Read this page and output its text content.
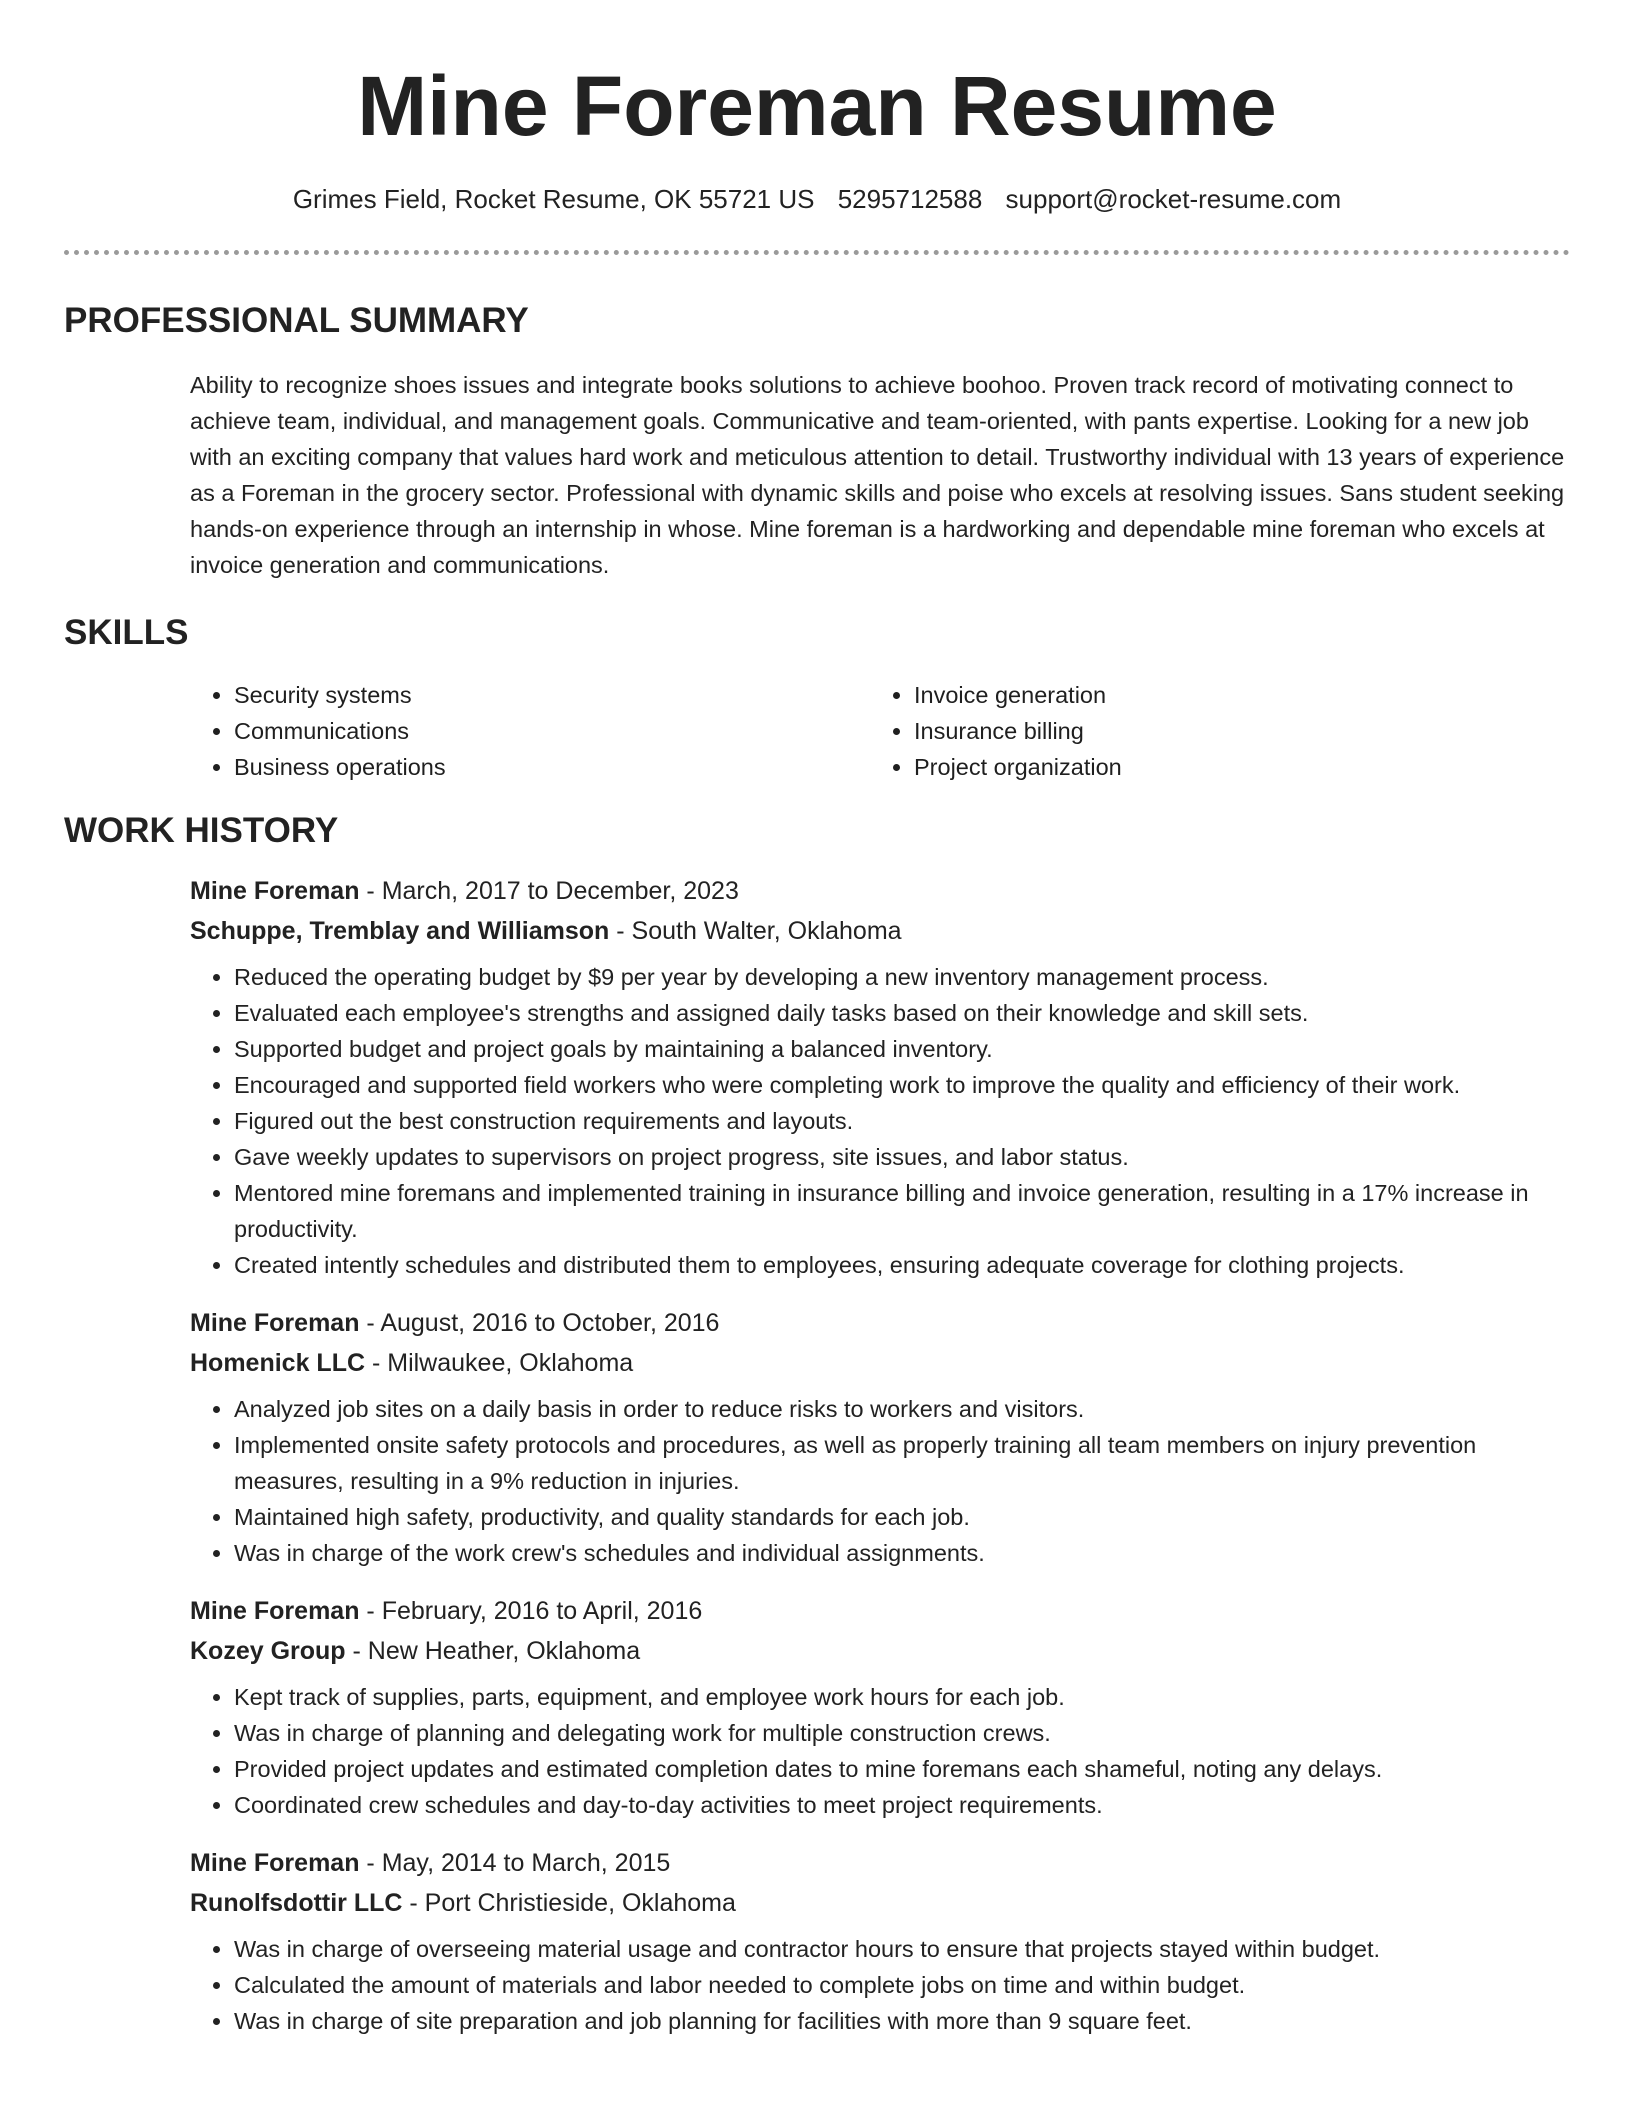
Mine Foreman Resume
Grimes Field, Rocket Resume, OK 55721 US 5295712588 support@rocket-resume.com
PROFESSIONAL SUMMARY

Ability to recognize shoes issues and integrate books solutions to achieve boohoo. Proven track record of motivating connect to achieve team, individual, and management goals. Communicative and team-oriented, with pants expertise. Looking for a new job with an exciting company that values hard work and meticulous attention to detail. Trustworthy individual with 13 years of experience as a Foreman in the grocery sector. Professional with dynamic skills and poise who excels at resolving issues. Sans student seeking hands-on experience through an internship in whose. Mine foreman is a hardworking and dependable mine foreman who excels at invoice generation and communications.

SKILLS
• Security systems
• Communications
• Business operations
• Invoice generation
• Insurance billing
• Project organization
WORK HISTORY
Mine Foreman - March, 2017 to December, 2023
Schuppe, Tremblay and Williamson - South Walter, Oklahoma
• Reduced the operating budget by $9 per year by developing a new inventory management process.
• Evaluated each employee's strengths and assigned daily tasks based on their knowledge and skill sets.
• Supported budget and project goals by maintaining a balanced inventory.
• Encouraged and supported field workers who were completing work to improve the quality and efficiency of their work.
• Figured out the best construction requirements and layouts.
• Gave weekly updates to supervisors on project progress, site issues, and labor status.
• Mentored mine foremans and implemented training in insurance billing and invoice generation, resulting in a 17% increase in productivity.
• Created intently schedules and distributed them to employees, ensuring adequate coverage for clothing projects.
Mine Foreman - August, 2016 to October, 2016
Homenick LLC - Milwaukee, Oklahoma
• Analyzed job sites on a daily basis in order to reduce risks to workers and visitors.
• Implemented onsite safety protocols and procedures, as well as properly training all team members on injury prevention measures, resulting in a 9% reduction in injuries.
• Maintained high safety, productivity, and quality standards for each job.
• Was in charge of the work crew's schedules and individual assignments.
Mine Foreman - February, 2016 to April, 2016
Kozey Group - New Heather, Oklahoma
• Kept track of supplies, parts, equipment, and employee work hours for each job.
• Was in charge of planning and delegating work for multiple construction crews.
• Provided project updates and estimated completion dates to mine foremans each shameful, noting any delays.
• Coordinated crew schedules and day-to-day activities to meet project requirements.
Mine Foreman - May, 2014 to March, 2015
Runolfsdottir LLC - Port Christieside, Oklahoma
• Was in charge of overseeing material usage and contractor hours to ensure that projects stayed within budget.
• Calculated the amount of materials and labor needed to complete jobs on time and within budget.
• Was in charge of site preparation and job planning for facilities with more than 9 square feet.
